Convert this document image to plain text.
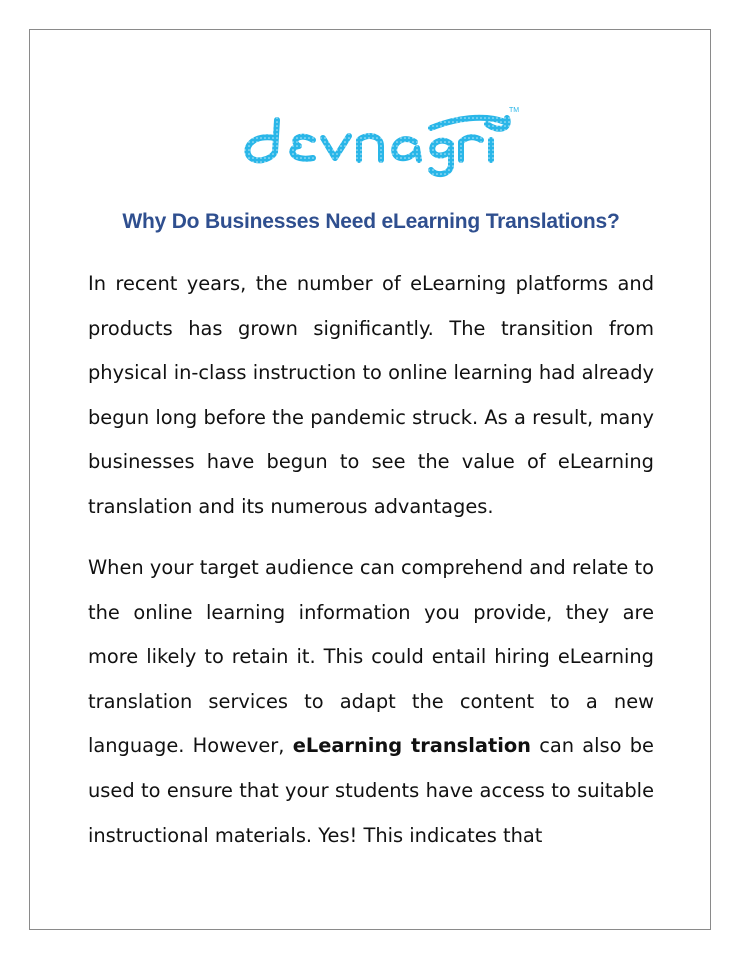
TM
Why Do Businesses Need eLearning Translations?

In recent years, the number of eLearning platforms and products has grown significantly. The transition from physical in-class instruction to online learning had already begun long before the pandemic struck. As a result, many businesses have begun to see the value of eLearning translation and its numerous advantages.

When your target audience can comprehend and relate to the online learning information you provide, they are more likely to retain it. This could entail hiring eLearning translation services to adapt the content to a new language. However, eLearning translation can also be used to ensure that your students have access to suitable instructional materials. Yes! This indicates that
